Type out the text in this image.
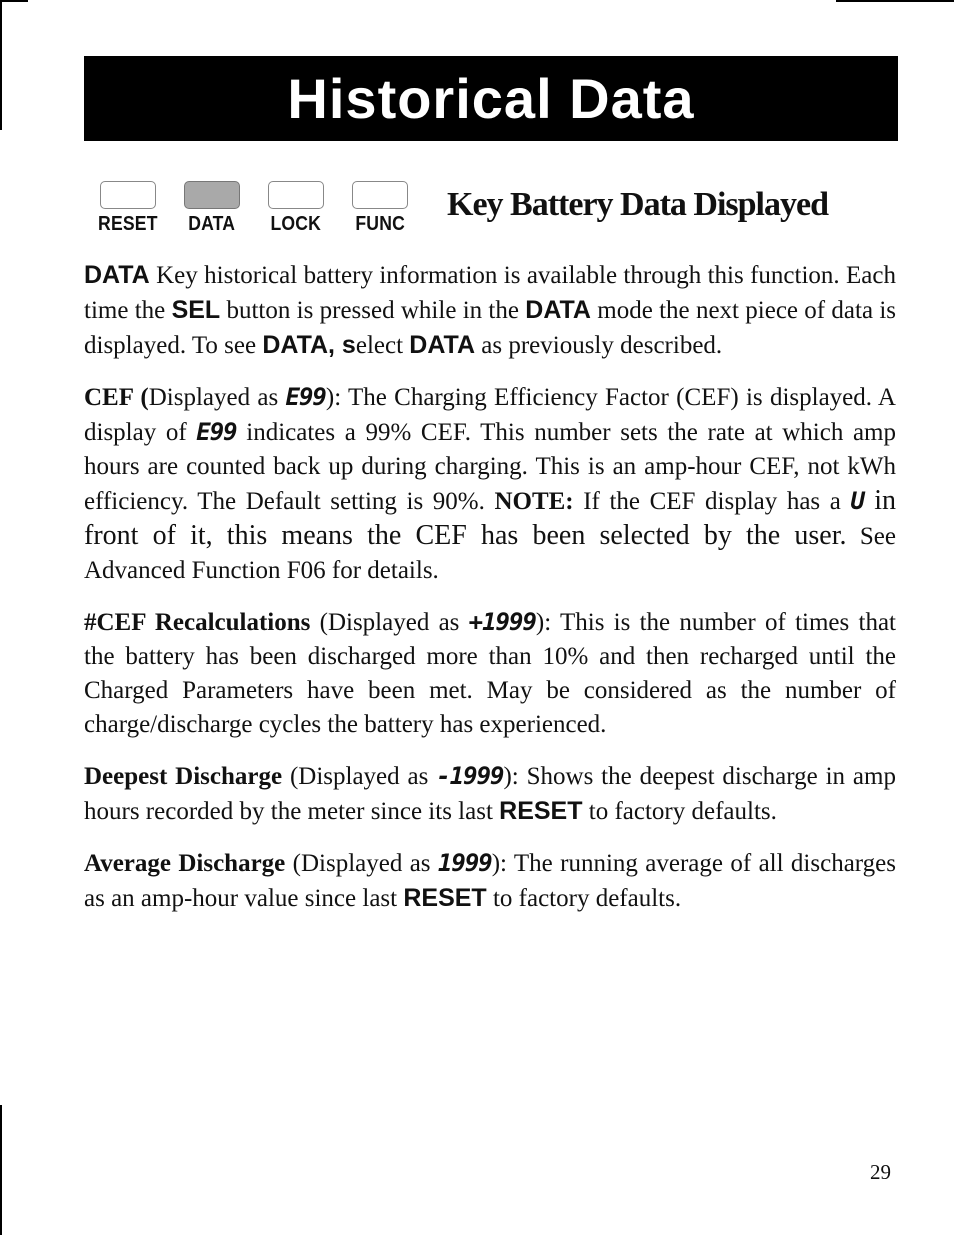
Historical Data
RESET DATA LOCK FUNC
Key Battery Data Displayed

DATA Key historical battery information is available through this function. Each time the SEL button is pressed while in the DATA mode the next piece of data is displayed. To see DATA, select DATA as previously described.

CEF (Displayed as E99): The Charging Efficiency Factor (CEF) is displayed. A display of E99 indicates a 99% CEF. This number sets the rate at which amp hours are counted back up during charging. This is an amp-hour CEF, not kWh efficiency. The Default setting is 90%. NOTE: If the CEF display has a U in front of it, this means the CEF has been selected by the user. See Advanced Function F06 for details.

#CEF Recalculations (Displayed as +1999): This is the number of times that the battery has been discharged more than 10% and then recharged until the Charged Parameters have been met. May be considered as the number of charge/discharge cycles the battery has experienced.

Deepest Discharge (Displayed as -1999): Shows the deepest discharge in amp hours recorded by the meter since its last RESET to factory defaults.

Average Discharge (Displayed as 1999): The running average of all discharges as an amp-hour value since last RESET to factory defaults.

29
